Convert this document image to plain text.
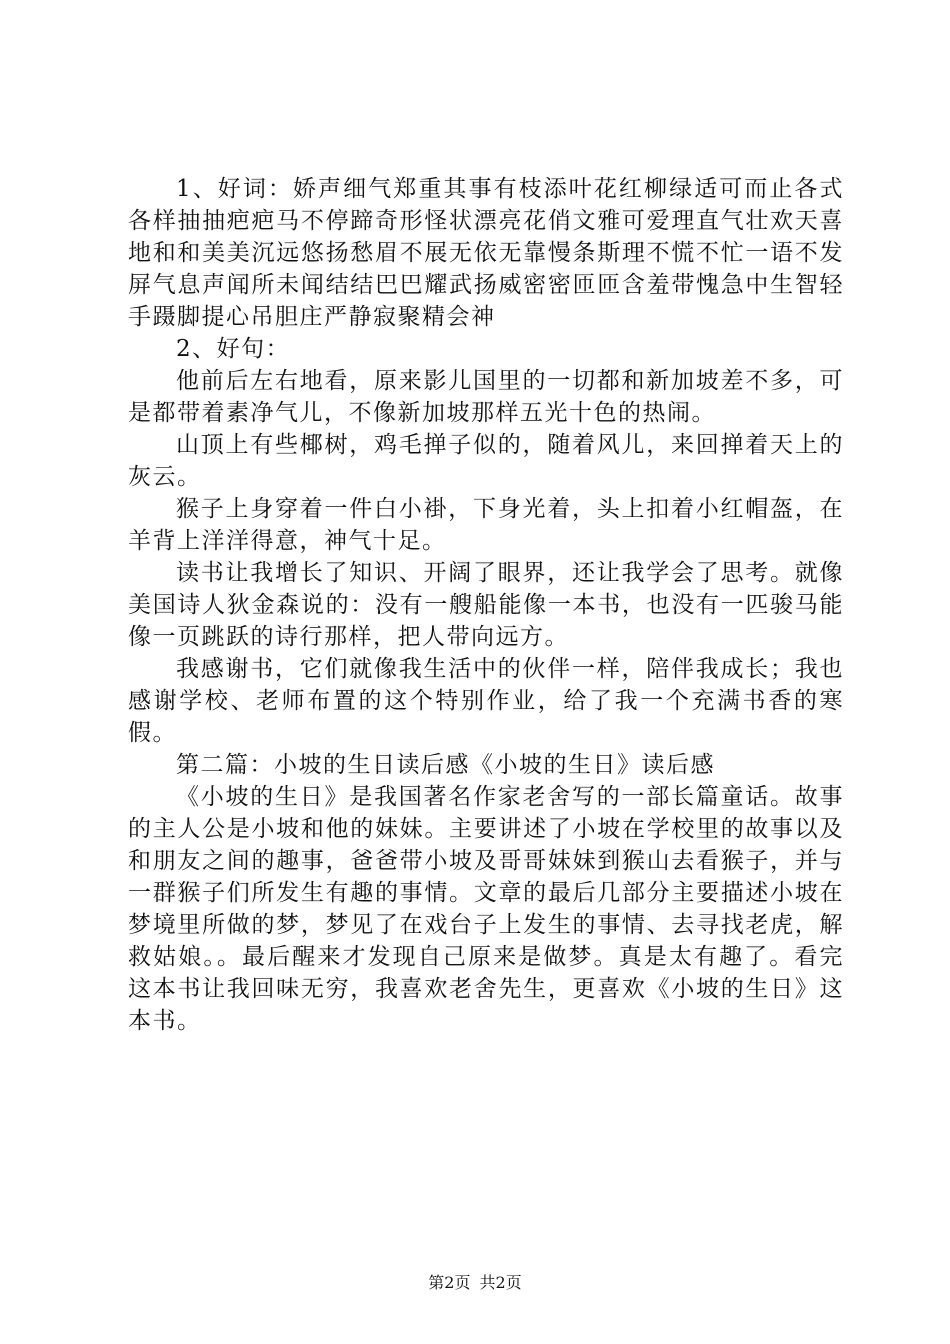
1、好词：娇声细气郑重其事有枝添叶花红柳绿适可而止各式各样抽抽疤疤马不停蹄奇形怪状漂亮花俏文雅可爱理直气壮欢天喜地和和美美沉远悠扬愁眉不展无依无靠慢条斯理不慌不忙一语不发屏气息声闻所未闻结结巴巴耀武扬威密密匝匝含羞带愧急中生智轻手蹑脚提心吊胆庄严静寂聚精会神

2、好句：

他前后左右地看，原来影儿国里的一切都和新加坡差不多，可是都带着素净气儿，不像新加坡那样五光十色的热闹。

山顶上有些椰树，鸡毛掸子似的，随着风儿，来回掸着天上的灰云。

猴子上身穿着一件白小褂，下身光着，头上扣着小红帽盔，在羊背上洋洋得意，神气十足。

读书让我增长了知识、开阔了眼界，还让我学会了思考。就像美国诗人狄金森说的：没有一艘船能像一本书，也没有一匹骏马能像一页跳跃的诗行那样，把人带向远方。

我感谢书，它们就像我生活中的伙伴一样，陪伴我成长；我也感谢学校、老师布置的这个特别作业，给了我一个充满书香的寒假。

第二篇：小坡的生日读后感《小坡的生日》读后感

《小坡的生日》是我国著名作家老舍写的一部长篇童话。故事的主人公是小坡和他的妹妹。主要讲述了小坡在学校里的故事以及和朋友之间的趣事，爸爸带小坡及哥哥妹妹到猴山去看猴子，并与一群猴子们所发生有趣的事情。文章的最后几部分主要描述小坡在梦境里所做的梦，梦见了在戏台子上发生的事情、去寻找老虎，解救姑娘。。最后醒来才发现自己原来是做梦。真是太有趣了。看完这本书让我回味无穷，我喜欢老舍先生，更喜欢《小坡的生日》这本书。

第2页 共2页
